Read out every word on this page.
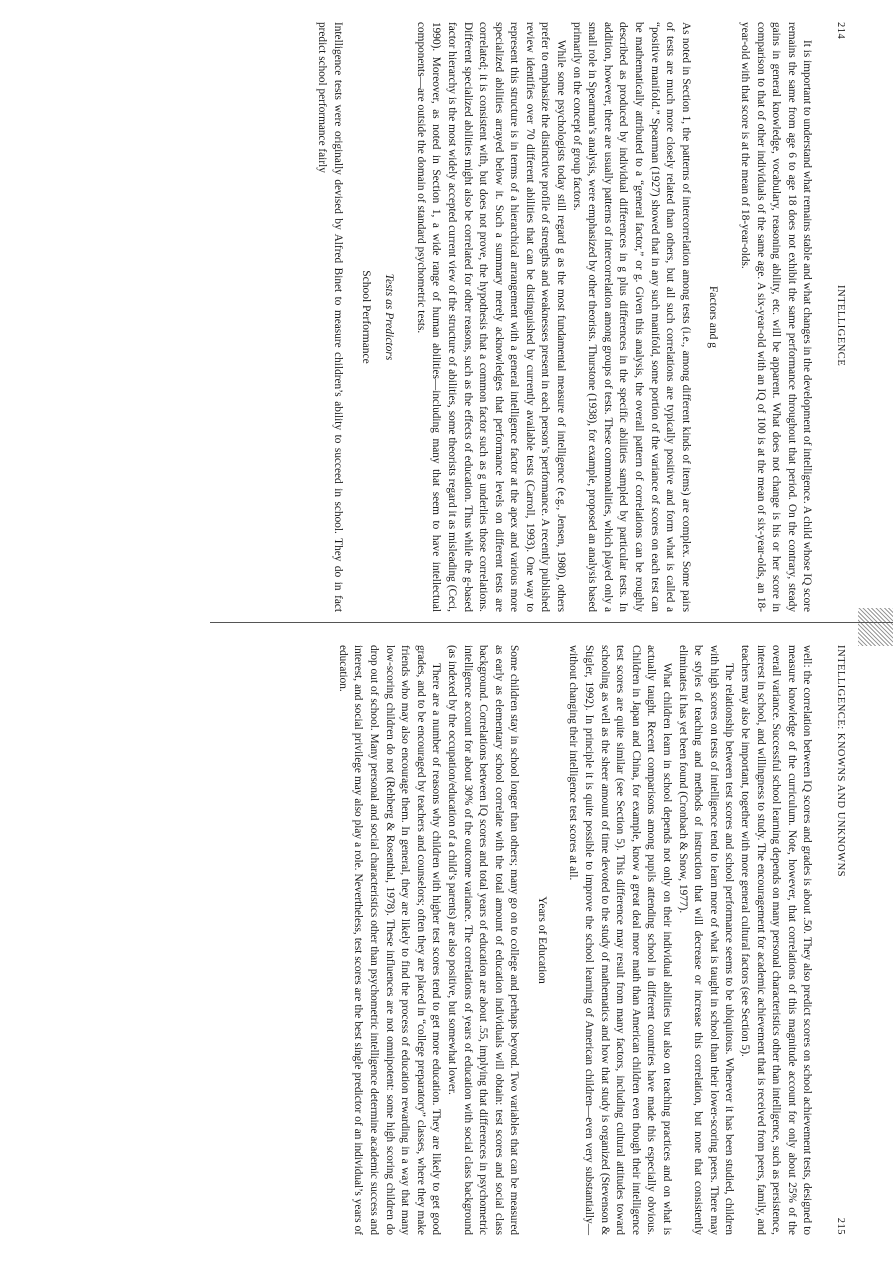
214
INTELLIGENCE

It is important to understand what remains stable and what changes in the development of intelligence. A child whose IQ score remains the same from age 6 to age 18 does not exhibit the same performance throughout that period. On the contrary, steady gains in general knowledge, vocabulary, reasoning ability, etc. will be apparent. What does not change is his or her score in comparison to that of other individuals of the same age. A six-year-old with an IQ of 100 is at the mean of six-year-olds, an 18-year-old with that score is at the mean of 18-year-olds.

Factors and g

As noted in Section 1, the patterns of intercorrelation among tests (i.e., among different kinds of items) are complex. Some pairs of tests are much more closely related than others, but all such correlations are typically positive and form what is called a “positive manifold.” Spearman (1927) showed that in any such manifold, some portion of the variance of scores on each test can be mathematically attributed to a “general factor,” or g. Given this analysis, the overall pattern of correlations can be roughly described as produced by individual differences in g plus differences in the specific abilities sampled by particular tests. In addition, however, there are usually patterns of intercorrelation among groups of tests. These commonalities, which played only a small role in Spearman’s analysis, were emphasized by other theorists. Thurstone (1938), for example, proposed an analysis based primarily on the concept of group factors.

While some psychologists today still regard g as the most fundamental measure of intelligence (e.g., Jensen, 1980), others prefer to emphasize the distinctive profile of strengths and weaknesses present in each person’s performance. A recently published review identifies over 70 different abilities that can be distinguished by currently available tests (Carroll, 1993). One way to represent this structure is in terms of a hierarchical arrangement with a general intelligence factor at the apex and various more specialized abilities arrayed below it. Such a summary merely acknowledges that performance levels on different tests are correlated; it is consistent with, but does not prove, the hypothesis that a common factor such as g underlies those correlations. Different specialized abilities might also be correlated for other reasons, such as the effects of education. Thus while the g-based factor hierarchy is the most widely accepted current view of the structure of abilities, some theorists regard it as misleading (Ceci, 1990). Moreover, as noted in Section 1, a wide range of human abilities—including many that seem to have intellectual components—are outside the domain of standard psychometric tests.

Tests as Predictors
School Performance

Intelligence tests were originally devised by Alfred Binet to measure children’s ability to succeed in school. They do in fact predict school performance fairly

INTELLIGENCE: KNOWNS AND UNKNOWNS
215

well: the correlation between IQ scores and grades is about .50. They also predict scores on school achievement tests, designed to measure knowledge of the curriculum. Note, however, that correlations of this magnitude account for only about 25% of the overall variance. Successful school learning depends on many personal characteristics other than intelligence, such as persistence, interest in school, and willingness to study. The encouragement for academic achievement that is received from peers, family, and teachers may also be important, together with more general cultural factors (see Section 5).

The relationship between test scores and school performance seems to be ubiquitous. Wherever it has been studied, children with high scores on tests of intelligence tend to learn more of what is taught in school than their lower-scoring peers. There may be styles of teaching and methods of instruction that will decrease or increase this correlation, but none that consistently eliminates it has yet been found (Cronbach & Snow, 1977).

What children learn in school depends not only on their individual abilities but also on teaching practices and on what is actually taught. Recent comparisons among pupils attending school in different countries have made this especially obvious. Children in Japan and China, for example, know a great deal more math than American children even though their intelligence test scores are quite similar (see Section 5). This difference may result from many factors, including cultural attitudes toward schooling as well as the sheer amount of time devoted to the study of mathematics and how that study is organized (Stevenson & Stigler, 1992). In principle it is quite possible to improve the school learning of American children—even very substantially—without changing their intelligence test scores at all.

Years of Education

Some children stay in school longer than others; many go on to college and perhaps beyond. Two variables that can be measured as early as elementary school correlate with the total amount of education individuals will obtain: test scores and social class background. Correlations between IQ scores and total years of education are about .55, implying that differences in psychometric intelligence account for about 30% of the outcome variance. The correlations of years of education with social class background (as indexed by the occupation/education of a child’s parents) are also positive, but somewhat lower.

There are a number of reasons why children with higher test scores tend to get more education. They are likely to get good grades, and to be encouraged by teachers and counselors; often they are placed in “college preparatory” classes, where they make friends who may also encourage them. In general, they are likely to find the process of education rewarding in a way that many low-scoring children do not (Rehberg & Rosenthal, 1978). These influences are not omnipotent: some high scoring children do drop out of school. Many personal and social characteristics other than psychometric intelligence determine academic success and interest, and social privilege may also play a role. Nevertheless, test scores are the best single predictor of an individual’s years of education.
